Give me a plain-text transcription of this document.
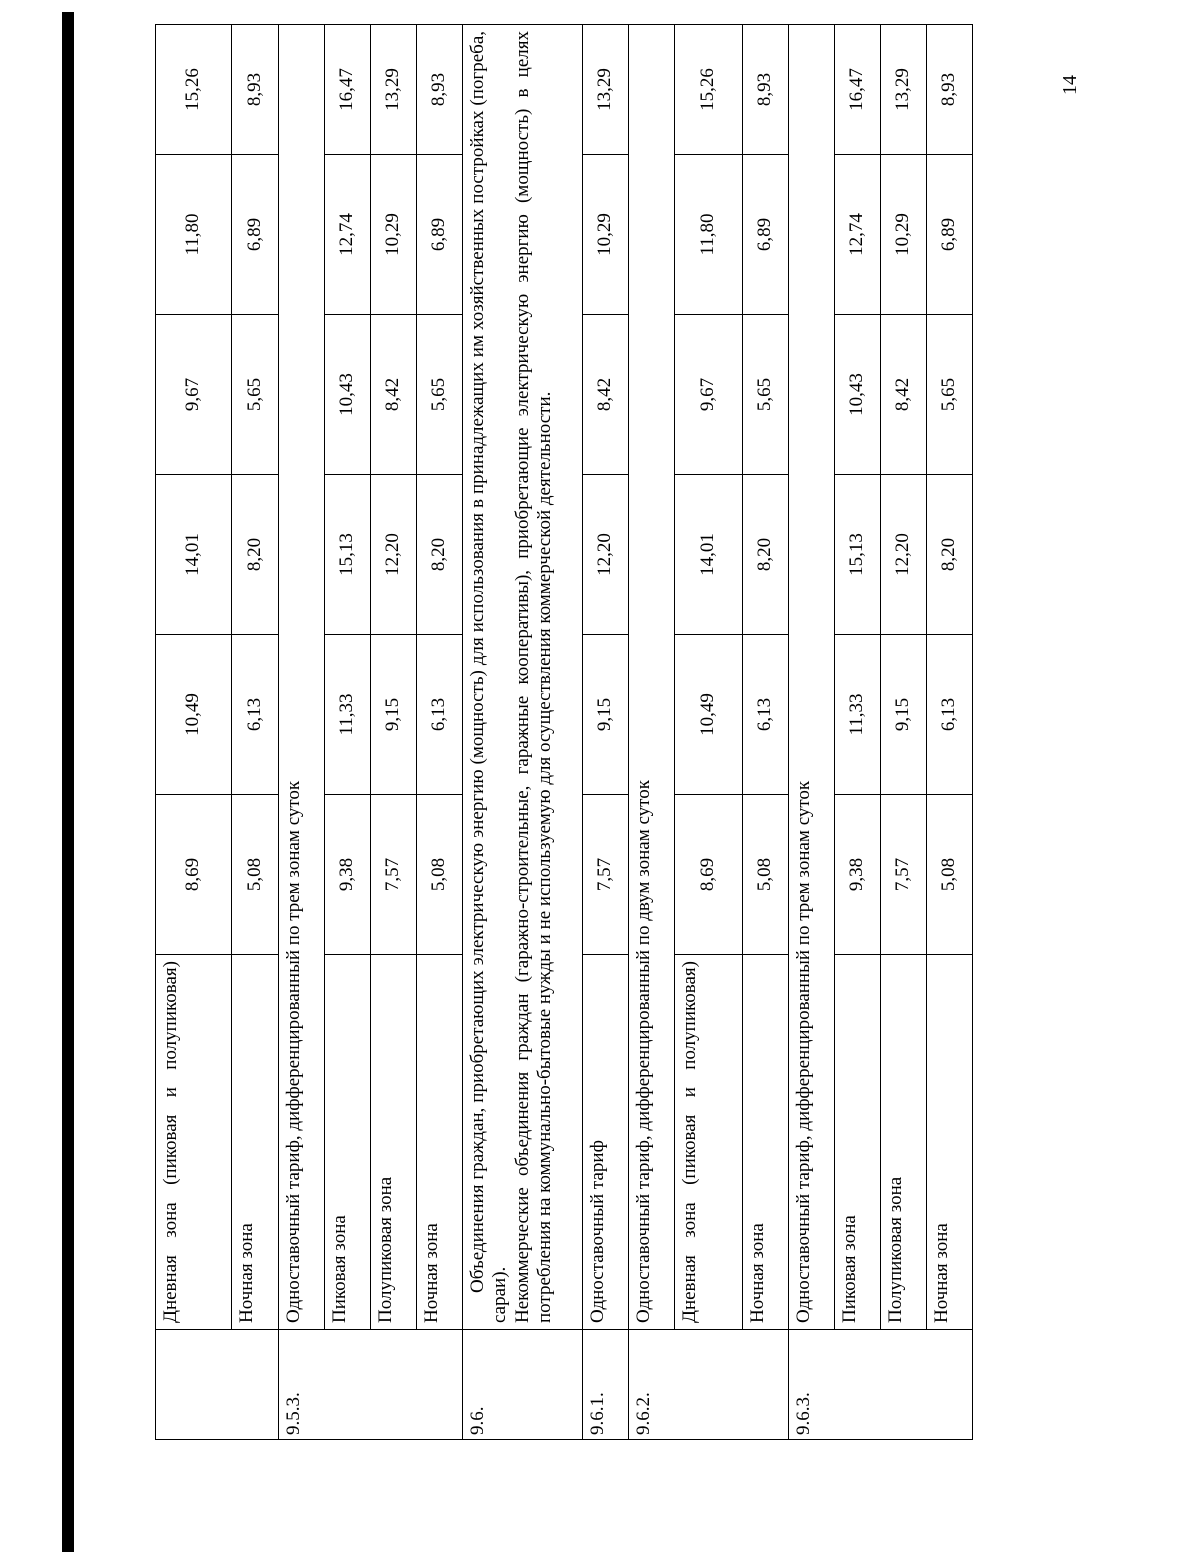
14
	Дневная зона (пиковая и полупиковая)	8,69	10,49	14,01	9,67	11,80	15,26
	Ночная зона	5,08	6,13	8,20	5,65	6,89	8,93
9.5.3.	Одноставочный тариф, дифференцированный по трем зонам суток						
	Пиковая зона	9,38	11,33	15,13	10,43	12,74	16,47
	Полупиковая зона	7,57	9,15	12,20	8,42	10,29	13,29
	Ночная зона	5,08	6,13	8,20	5,65	6,89	8,93
9.6.	Объединения граждан, приобретающих электрическую энергию (мощность) для использования в принадлежащих им хозяйственных постройках (погреба, сараи). Некоммерческие объединения граждан (гаражно-строительные, гаражные кооперативы), приобретающие электрическую энергию (мощность) в целях потребления на коммунально-бытовые нужды и не используемую для осуществления коммерческой деятельности.						

9.6.1.	Одноставочный тариф	7,57	9,15	12,20	8,42	10,29	13,29
9.6.2.	Одноставочный тариф, дифференцированный по двум зонам суток						
	Дневная зона (пиковая и полупиковая)	8,69	10,49	14,01	9,67	11,80	15,26
	Ночная зона	5,08	6,13	8,20	5,65	6,89	8,93
9.6.3.	Одноставочный тариф, дифференцированный по трем зонам суток						
	Пиковая зона	9,38	11,33	15,13	10,43	12,74	16,47
	Полупиковая зона	7,57	9,15	12,20	8,42	10,29	13,29
	Ночная зона	5,08	6,13	8,20	5,65	6,89	8,93
